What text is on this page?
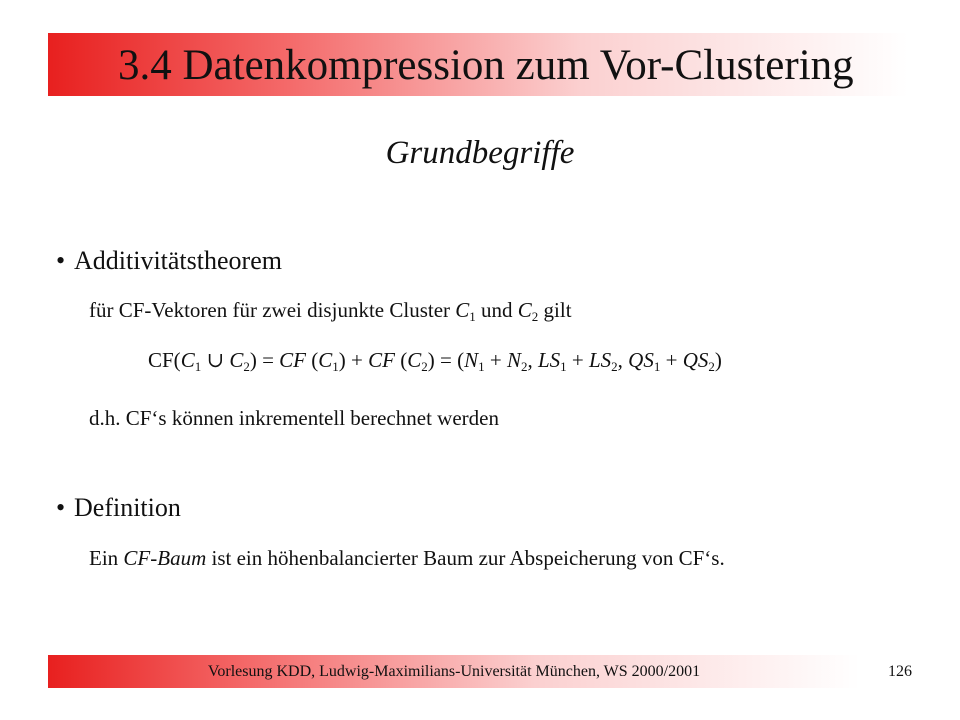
3.4 Datenkompression zum Vor-Clustering
Grundbegriffe
• Additivitätstheorem
für CF-Vektoren für zwei disjunkte Cluster $C_1$ und $C_2$ gilt
$CF(C_1$ ∪ $C_2$) = CF $(C_1)$ + CF $(C_2) = (N_1 + N_2$, $LS_1 + LS_2$, $QS_1 + QS_2$)
d.h. CF‘s können inkrementell berechnet werden
• Definition
Ein CF-Baum ist ein höhenbalancierter Baum zur Abspeicherung von CF‘s.
Vorlesung KDD, Ludwig-Maximilians-Universität München, WS 2000/2001	126
